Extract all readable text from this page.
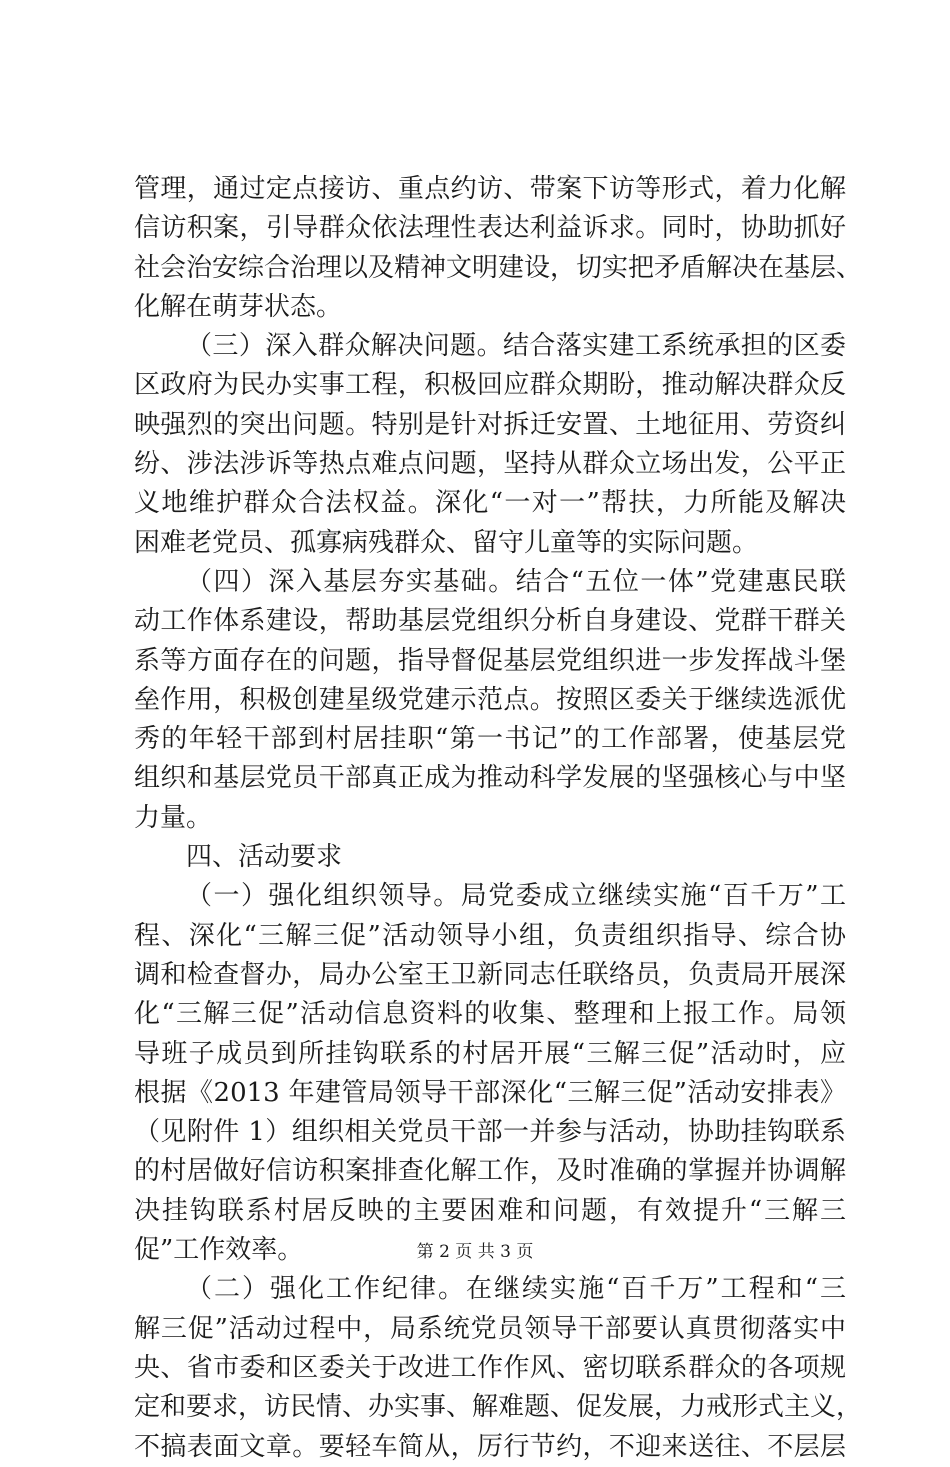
管理，通过定点接访、重点约访、带案下访等形式，着力化解
信访积案，引导群众依法理性表达利益诉求。同时，协助抓好
社会治安综合治理以及精神文明建设，切实把矛盾解决在基层、
化解在萌芽状态。
（三）深入群众解决问题。结合落实建工系统承担的区委
区政府为民办实事工程，积极回应群众期盼，推动解决群众反
映强烈的突出问题。特别是针对拆迁安置、土地征用、劳资纠
纷、涉法涉诉等热点难点问题，坚持从群众立场出发，公平正
义地维护群众合法权益。深化“一对一”帮扶，力所能及解决
困难老党员、孤寡病残群众、留守儿童等的实际问题。
（四）深入基层夯实基础。结合“五位一体”党建惠民联
动工作体系建设，帮助基层党组织分析自身建设、党群干群关
系等方面存在的问题，指导督促基层党组织进一步发挥战斗堡
垒作用，积极创建星级党建示范点。按照区委关于继续选派优
秀的年轻干部到村居挂职“第一书记”的工作部署，使基层党
组织和基层党员干部真正成为推动科学发展的坚强核心与中坚
力量。
四、活动要求
（一）强化组织领导。局党委成立继续实施“百千万”工
程、深化“三解三促”活动领导小组，负责组织指导、综合协
调和检查督办，局办公室王卫新同志任联络员，负责局开展深
化“三解三促”活动信息资料的收集、整理和上报工作。局领
导班子成员到所挂钩联系的村居开展“三解三促”活动时，应
根据《2013 年建管局领导干部深化“三解三促”活动安排表》
（见附件 1）组织相关党员干部一并参与活动，协助挂钩联系
的村居做好信访积案排查化解工作，及时准确的掌握并协调解
决挂钩联系村居反映的主要困难和问题，有效提升“三解三
促”工作效率。
（二）强化工作纪律。在继续实施“百千万”工程和“三
解三促”活动过程中，局系统党员领导干部要认真贯彻落实中
央、省市委和区委关于改进工作作风、密切联系群众的各项规
定和要求，访民情、办实事、解难题、促发展，力戒形式主义，
不搞表面文章。要轻车简从，厉行节约，不迎来送往、不层层
第 2 页 共 3 页
